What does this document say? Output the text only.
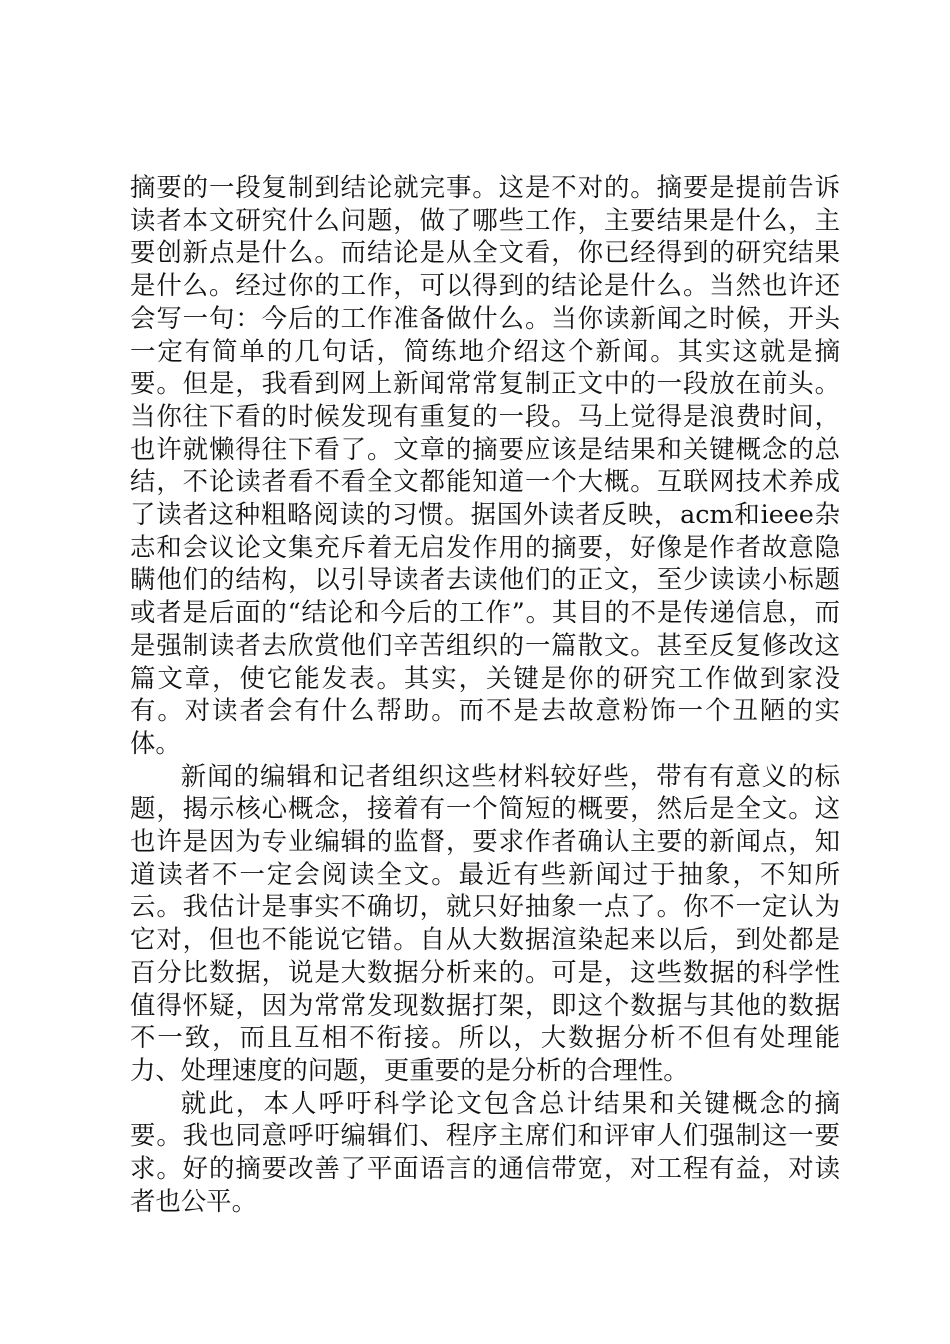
摘要的一段复制到结论就完事。这是不对的。摘要是提前告诉读者本文研究什么问题，做了哪些工作，主要结果是什么，主要创新点是什么。而结论是从全文看，你已经得到的研究结果是什么。经过你的工作，可以得到的结论是什么。当然也许还会写一句：今后的工作准备做什么。当你读新闻之时候，开头一定有简单的几句话，简练地介绍这个新闻。其实这就是摘要。但是，我看到网上新闻常常复制正文中的一段放在前头。当你往下看的时候发现有重复的一段。马上觉得是浪费时间，也许就懒得往下看了。文章的摘要应该是结果和关键概念的总结，不论读者看不看全文都能知道一个大概。互联网技术养成了读者这种粗略阅读的习惯。据国外读者反映，acm和ieee杂志和会议论文集充斥着无启发作用的摘要，好像是作者故意隐瞒他们的结构，以引导读者去读他们的正文，至少读读小标题或者是后面的“结论和今后的工作”。其目的不是传递信息，而是强制读者去欣赏他们辛苦组织的一篇散文。甚至反复修改这篇文章，使它能发表。其实，关键是你的研究工作做到家没有。对读者会有什么帮助。而不是去故意粉饰一个丑陋的实体。

新闻的编辑和记者组织这些材料较好些，带有有意义的标题，揭示核心概念，接着有一个简短的概要，然后是全文。这也许是因为专业编辑的监督，要求作者确认主要的新闻点，知道读者不一定会阅读全文。最近有些新闻过于抽象，不知所云。我估计是事实不确切，就只好抽象一点了。你不一定认为它对，但也不能说它错。自从大数据渲染起来以后，到处都是百分比数据，说是大数据分析来的。可是，这些数据的科学性值得怀疑，因为常常发现数据打架，即这个数据与其他的数据不一致，而且互相不衔接。所以，大数据分析不但有处理能力、处理速度的问题，更重要的是分析的合理性。

就此，本人呼吁科学论文包含总计结果和关键概念的摘要。我也同意呼吁编辑们、程序主席们和评审人们强制这一要求。好的摘要改善了平面语言的通信带宽，对工程有益，对读者也公平。
